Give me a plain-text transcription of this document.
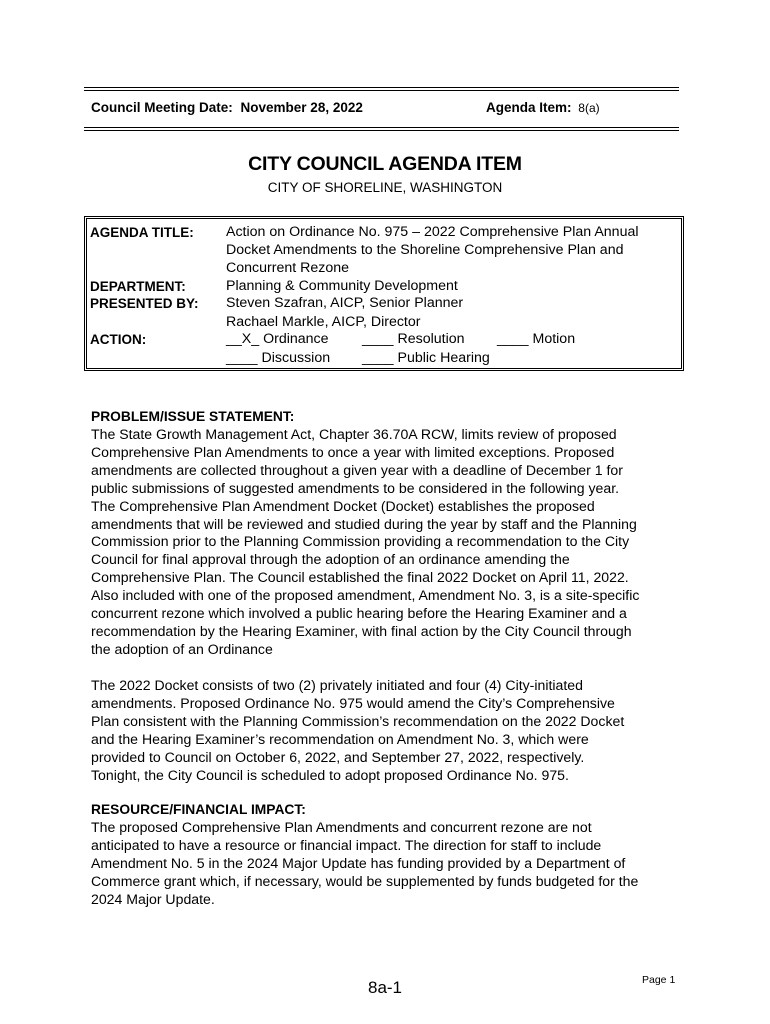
Council Meeting Date: November 28, 2022	Agenda Item: 8(a)
CITY COUNCIL AGENDA ITEM
CITY OF SHORELINE, WASHINGTON
AGENDA TITLE: Action on Ordinance No. 975 – 2022 Comprehensive Plan Annual
Docket Amendments to the Shoreline Comprehensive Plan and
Concurrent Rezone
DEPARTMENT:	Planning & Community Development
PRESENTED BY: Steven Szafran, AICP, Senior Planner
Rachael Markle, AICP, Director
ACTION:	__X_ Ordinance ____ Resolution ____ Motion
____ Discussion ____ Public Hearing
PROBLEM/ISSUE STATEMENT:
The State Growth Management Act, Chapter 36.70A RCW, limits review of proposed
Comprehensive Plan Amendments to once a year with limited exceptions. Proposed
amendments are collected throughout a given year with a deadline of December 1 for
public submissions of suggested amendments to be considered in the following year.
The Comprehensive Plan Amendment Docket (Docket) establishes the proposed
amendments that will be reviewed and studied during the year by staff and the Planning
Commission prior to the Planning Commission providing a recommendation to the City
Council for final approval through the adoption of an ordinance amending the
Comprehensive Plan. The Council established the final 2022 Docket on April 11, 2022.
Also included with one of the proposed amendment, Amendment No. 3, is a site-specific
concurrent rezone which involved a public hearing before the Hearing Examiner and a
recommendation by the Hearing Examiner, with final action by the City Council through
the adoption of an Ordinance
The 2022 Docket consists of two (2) privately initiated and four (4) City-initiated
amendments. Proposed Ordinance No. 975 would amend the City’s Comprehensive
Plan consistent with the Planning Commission’s recommendation on the 2022 Docket
and the Hearing Examiner’s recommendation on Amendment No. 3, which were
provided to Council on October 6, 2022, and September 27, 2022, respectively.
Tonight, the City Council is scheduled to adopt proposed Ordinance No. 975.
RESOURCE/FINANCIAL IMPACT:
The proposed Comprehensive Plan Amendments and concurrent rezone are not
anticipated to have a resource or financial impact. The direction for staff to include
Amendment No. 5 in the 2024 Major Update has funding provided by a Department of
Commerce grant which, if necessary, would be supplemented by funds budgeted for the
2024 Major Update.
8a-1	Page 1
